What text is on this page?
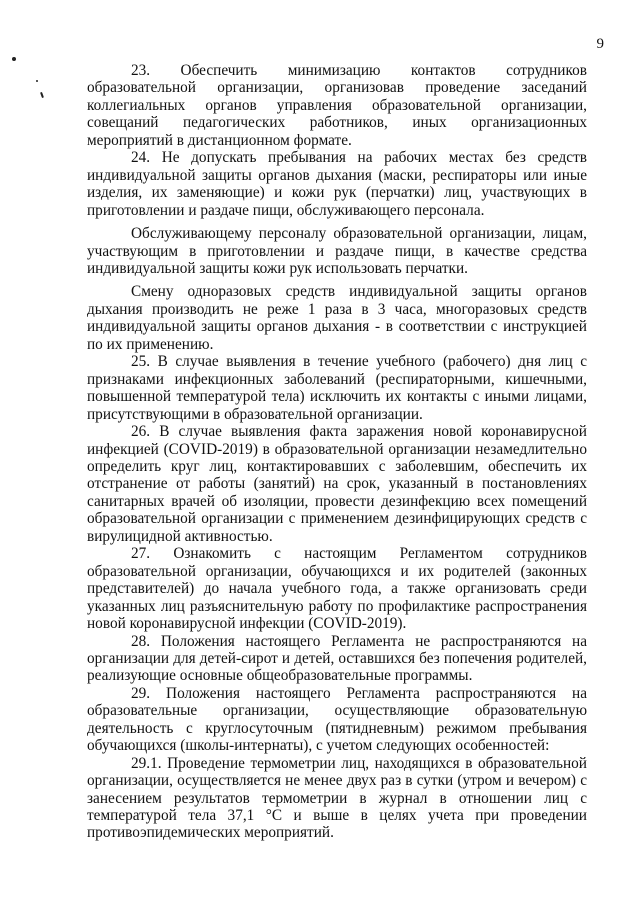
9

23. Обеспечить минимизацию контактов сотрудников образовательной организации, организовав проведение заседаний коллегиальных органов управления образовательной организации, совещаний педагогических работников, иных организационных мероприятий в дистанционном формате.

24. Не допускать пребывания на рабочих местах без средств индивидуальной защиты органов дыхания (маски, респираторы или иные изделия, их заменяющие) и кожи рук (перчатки) лиц, участвующих в приготовлении и раздаче пищи, обслуживающего персонала.

Обслуживающему персоналу образовательной организации, лицам, участвующим в приготовлении и раздаче пищи, в качестве средства индивидуальной защиты кожи рук использовать перчатки.

Смену одноразовых средств индивидуальной защиты органов дыхания производить не реже 1 раза в 3 часа, многоразовых средств индивидуальной защиты органов дыхания - в соответствии с инструкцией по их применению.

25. В случае выявления в течение учебного (рабочего) дня лиц с признаками инфекционных заболеваний (респираторными, кишечными, повышенной температурой тела) исключить их контакты с иными лицами, присутствующими в образовательной организации.

26. В случае выявления факта заражения новой коронавирусной инфекцией (COVID-2019) в образовательной организации незамедлительно определить круг лиц, контактировавших с заболевшим, обеспечить их отстранение от работы (занятий) на срок, указанный в постановлениях санитарных врачей об изоляции, провести дезинфекцию всех помещений образовательной организации с применением дезинфицирующих средств с вирулицидной активностью.

27. Ознакомить с настоящим Регламентом сотрудников образовательной организации, обучающихся и их родителей (законных представителей) до начала учебного года, а также организовать среди указанных лиц разъяснительную работу по профилактике распространения новой коронавирусной инфекции (COVID-2019).

28. Положения настоящего Регламента не распространяются на организации для детей-сирот и детей, оставшихся без попечения родителей, реализующие основные общеобразовательные программы.

29. Положения настоящего Регламента распространяются на образовательные организации, осуществляющие образовательную деятельность с круглосуточным (пятидневным) режимом пребывания обучающихся (школы-интернаты), с учетом следующих особенностей:

29.1. Проведение термометрии лиц, находящихся в образовательной организации, осуществляется не менее двух раз в сутки (утром и вечером) с занесением результатов термометрии в журнал в отношении лиц с температурой тела 37,1 °С и выше в целях учета при проведении противоэпидемических мероприятий.
